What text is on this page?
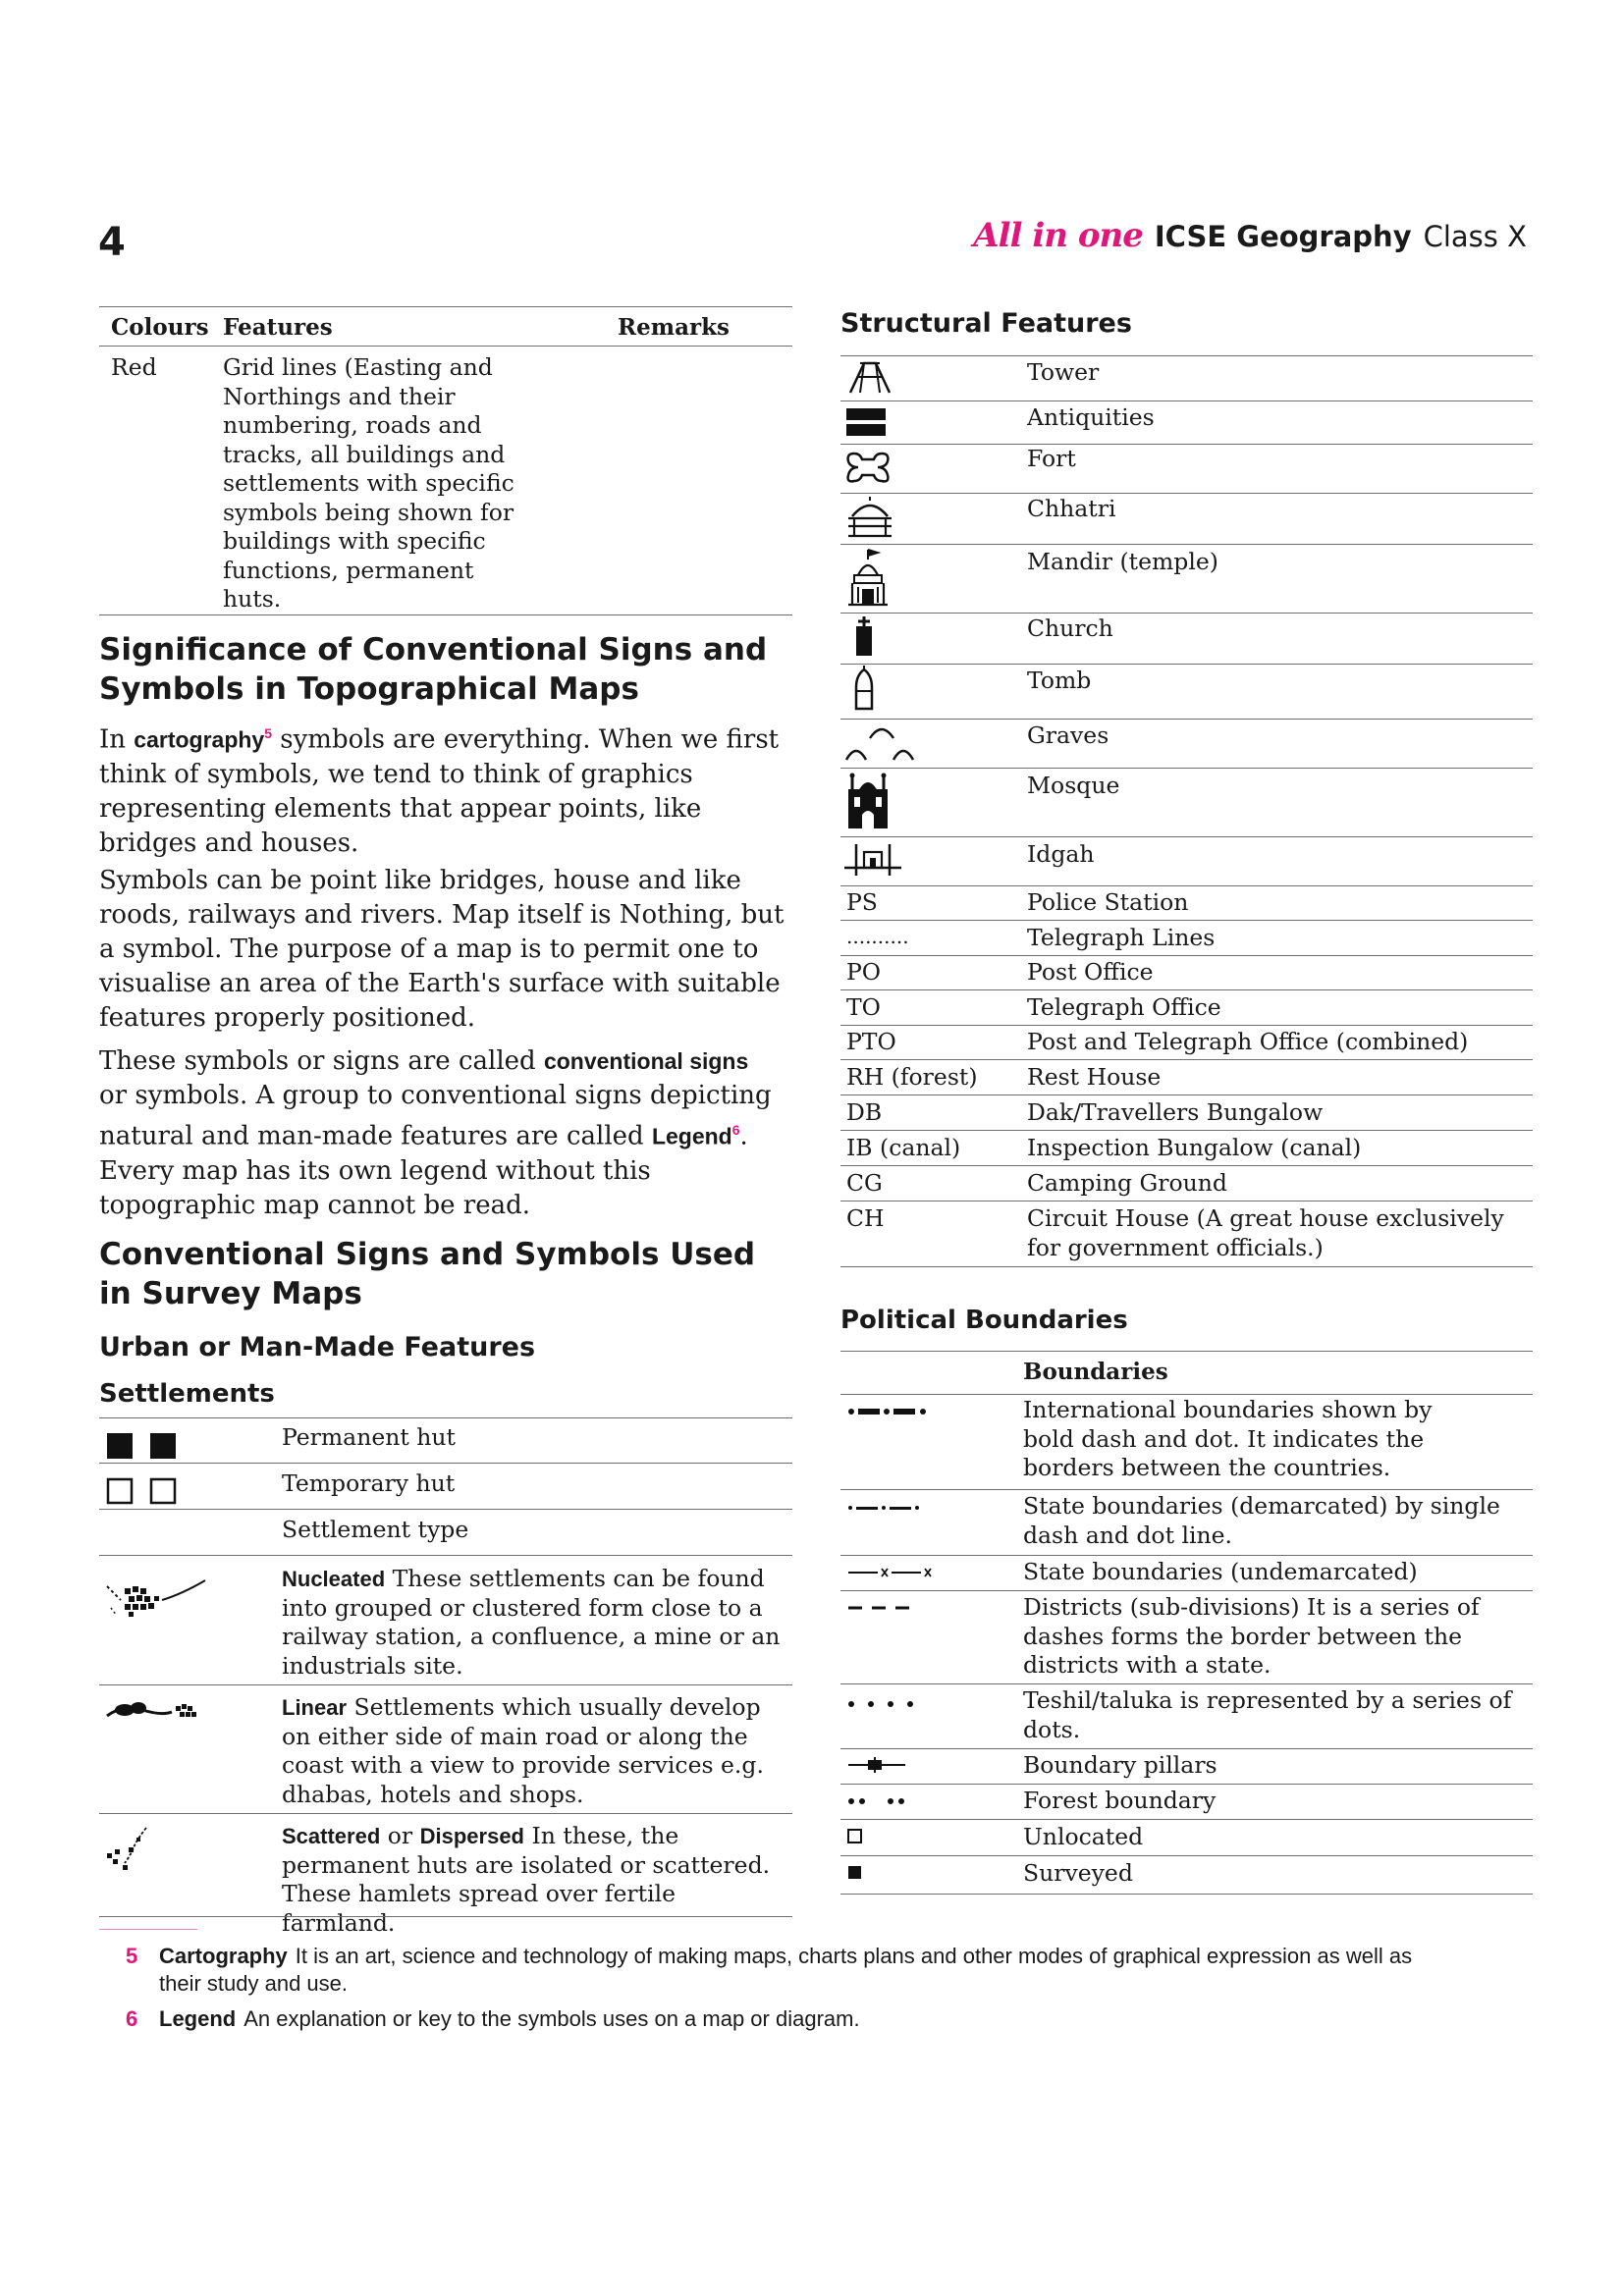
4	All in one ICSE Geography Class X
Colours Features	Remarks
Red	Grid lines (Easting and
Northings and their
numbering, roads and
tracks, all buildings and
settlements with specific
symbols being shown for
buildings with specific
functions, permanent
huts.
Significance of Conventional Signs and
Symbols in Topographical Maps
In cartography$^5$ symbols are everything. When we first
think of symbols, we tend to think of graphics
representing elements that appear points, like
bridges and houses.
Symbols can be point like bridges, house and like
roods, railways and rivers. Map itself is Nothing, but
a symbol. The purpose of a map is to permit one to
visualise an area of the Earth's surface with suitable
features properly positioned.
These symbols or signs are called conventional signs
or symbols. A group to conventional signs depicting
natural and man-made features are called Legend$^6$.
Every map has its own legend without this
topographic map cannot be read.
Conventional Signs and Symbols Used
in Survey Maps
Urban or Man-Made Features
Settlements
Permanent hut
Temporary hut
Settlement type
Nucleated These settlements can be found
into grouped or clustered form close to a
railway station, a confluence, a mine or an
industrials site.
Linear Settlements which usually develop
on either side of main road or along the
coast with a view to provide services e.g.
dhabas, hotels and shops.
Scattered or Dispersed In these, the
permanent huts are isolated or scattered.
These hamlets spread over fertile farmland.
Structural Features
Tower
Antiquities
Fort
Chhatri
Mandir (temple)
Church
Tomb
Graves
Mosque
Idgah
PS	Police Station
..........	Telegraph Lines
PO	Post Office
TO	Telegraph Office
PTO	Post and Telegraph Office (combined)
RH (forest) Rest House
DB	Dak/Travellers Bungalow
IB (canal)	Inspection Bungalow (canal)
CG	Camping Ground
CH	Circuit House (A great house exclusively
for government officials.)
Political Boundaries
Boundaries
International boundaries shown by
bold dash and dot. It indicates the
borders between the countries.
State boundaries (demarcated) by single
dash and dot line.
State boundaries (undemarcated)
Districts (sub-divisions) It is a series of
dashes forms the border between the
districts with a state.
Teshil/taluka is represented by a series of
dots.
Boundary pillars
Forest boundary
Unlocated
Surveyed
5 Cartography It is an art, science and technology of making maps, charts plans and other modes of graphical expression as well as
their study and use.
6 Legend An explanation or key to the symbols uses on a map or diagram.
